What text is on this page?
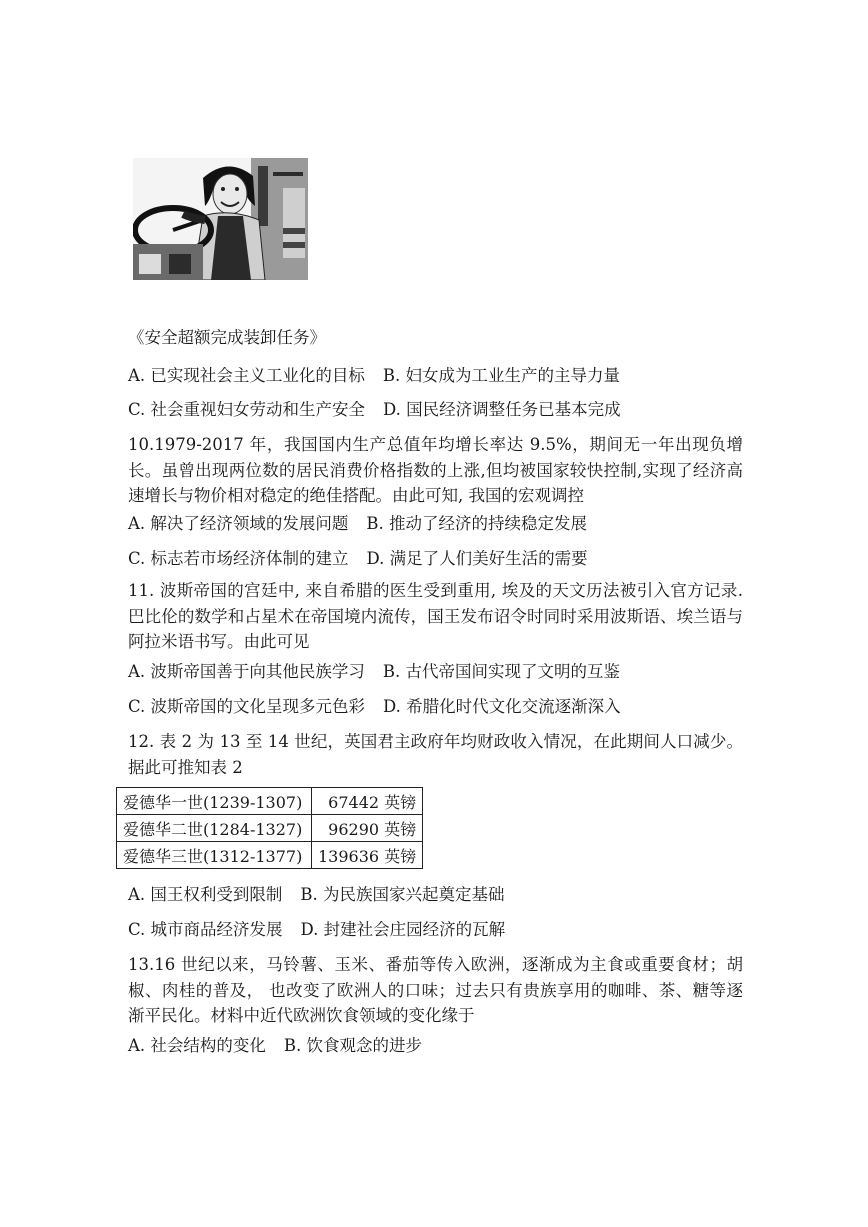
《安全超额完成装卸任务》
A. 已实现社会主义工业化的目标 B. 妇女成为工业生产的主导力量
C. 社会重视妇女劳动和生产安全 D. 国民经济调整任务已基本完成
10.1979-2017 年，我国国内生产总值年均增长率达 9.5%，期间无一年出现负增长。虽曾出现两位数的居民消费价格指数的上涨,但均被国家较快控制,实现了经济高速增长与物价相对稳定的绝佳搭配。由此可知, 我国的宏观调控
A. 解决了经济领域的发展问题 B. 推动了经济的持续稳定发展
C. 标志若市场经济体制的建立 D. 满足了人们美好生活的需要
11. 波斯帝国的宫廷中, 来自希腊的医生受到重用, 埃及的天文历法被引入官方记录. 巴比伦的数学和占星术在帝国境内流传，国王发布诏令时同时采用波斯语、埃兰语与阿拉米语书写。由此可见
A. 波斯帝国善于向其他民族学习 B. 古代帝国间实现了文明的互鉴
C. 波斯帝国的文化呈现多元色彩 D. 希腊化时代文化交流逐渐深入
12. 表 2 为 13 至 14 世纪，英国君主政府年均财政收入情况，在此期间人口减少。据此可推知表 2
爱德华一世(1239-1307)	67442 英镑
爱德华二世(1284-1327)	96290 英镑
爱德华三世(1312-1377)	139636 英镑
A. 国王权利受到限制 B. 为民族国家兴起奠定基础
C. 城市商品经济发展 D. 封建社会庄园经济的瓦解
13.16 世纪以来，马铃薯、玉米、番茄等传入欧洲，逐渐成为主食或重要食材；胡椒、肉桂的普及， 也改变了欧洲人的口味；过去只有贵族享用的咖啡、茶、糖等逐渐平民化。材料中近代欧洲饮食领域的变化缘于
A. 社会结构的变化 B. 饮食观念的进步
